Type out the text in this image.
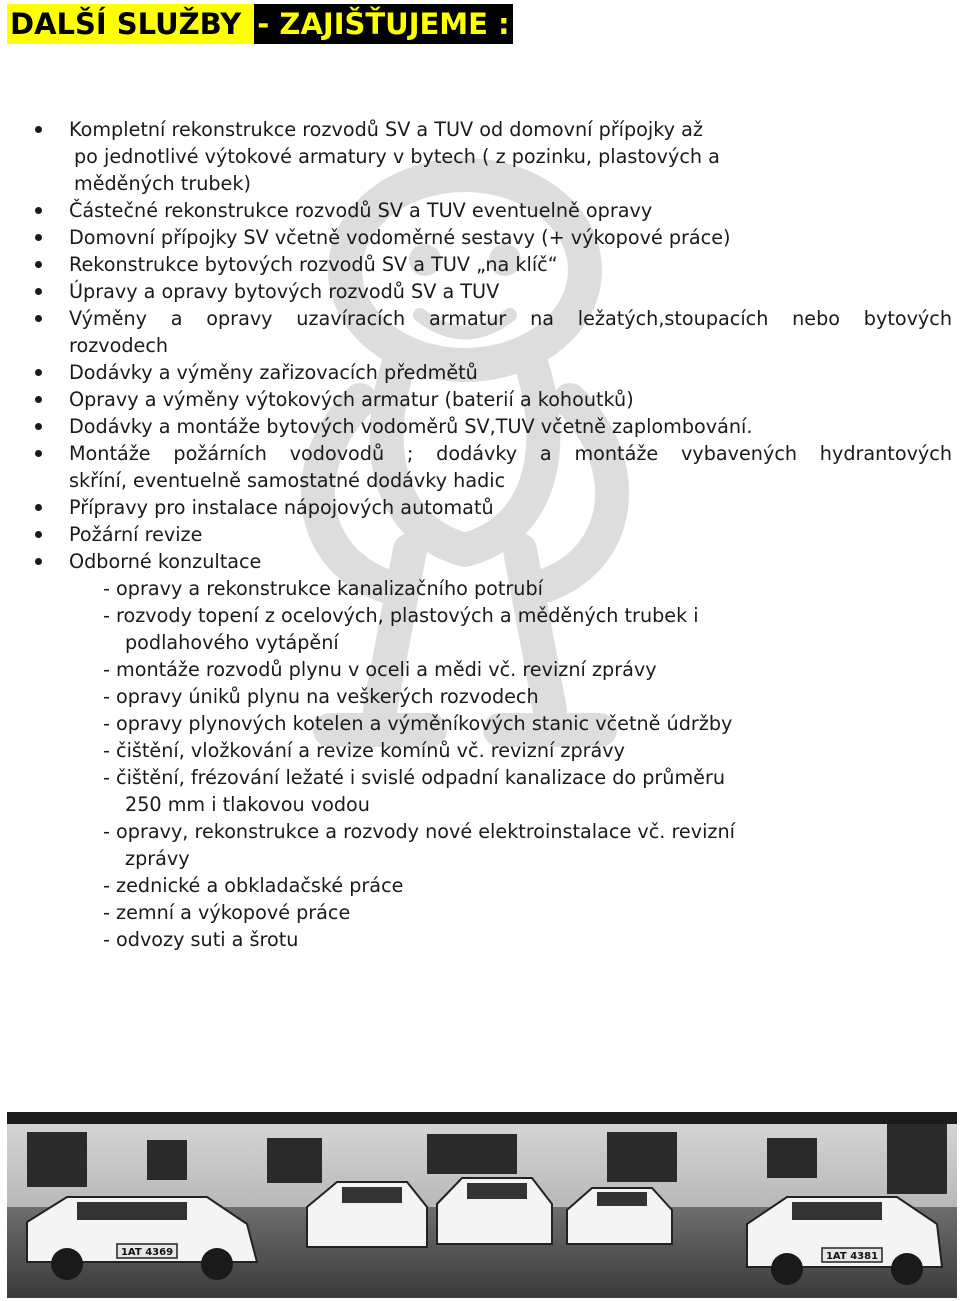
DALŠÍ SLUŽBY - ZAJIŠŤUJEME :
Kompletní rekonstrukce rozvodů SV a TUV od domovní přípojky až
po jednotlivé výtokové armatury v bytech ( z pozinku, plastových a
měděných trubek)
Částečné rekonstrukce rozvodů SV a TUV eventuelně opravy
Domovní přípojky SV včetně vodoměrné sestavy (+ výkopové práce)
Rekonstrukce bytových rozvodů SV a TUV „na klíč“
Úpravy a opravy bytových rozvodů SV a TUV
Výměny a opravy uzavíracích armatur na ležatých,stoupacích nebo bytových
rozvodech
Dodávky a výměny zařizovacích předmětů
Opravy a výměny výtokových armatur (baterií a kohoutků)
Dodávky a montáže bytových vodoměrů SV,TUV včetně zaplombování.
Montáže požárních vodovodů ; dodávky a montáže vybavených hydrantových
skříní, eventuelně samostatné dodávky hadic
Přípravy pro instalace nápojových automatů
Požární revize
Odborné konzultace
- opravy a rekonstrukce kanalizačního potrubí
- rozvody topení z ocelových, plastových a měděných trubek i
podlahového vytápění
- montáže rozvodů plynu v oceli a mědi vč. revizní zprávy
- opravy úniků plynu na veškerých rozvodech
- opravy plynových kotelen a výměníkových stanic včetně údržby
- čištění, vložkování a revize komínů vč. revizní zprávy
- čištění, frézování ležaté i svislé odpadní kanalizace do průměru
250 mm i tlakovou vodou
- opravy, rekonstrukce a rozvody nové elektroinstalace vč. revizní
zprávy
- zednické a obkladačské práce
- zemní a výkopové práce
- odvozy suti a šrotu
1AT 4369	1AT 4381
